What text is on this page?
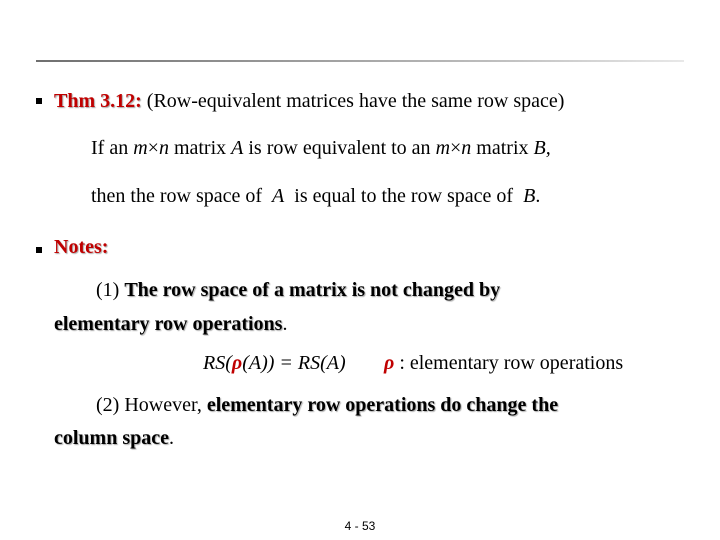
Thm 3.12: (Row-equivalent matrices have the same row space)
If an m×n matrix A is row equivalent to an m×n matrix B,
then the row space of  A  is equal to the row space of  B.
Notes:
(1) The row space of a matrix is not changed by
elementary row operations.
RS(ρ(A)) = RS(A) ρ : elementary row operations
(2) However, elementary row operations do change the
column space.
4 - 53
